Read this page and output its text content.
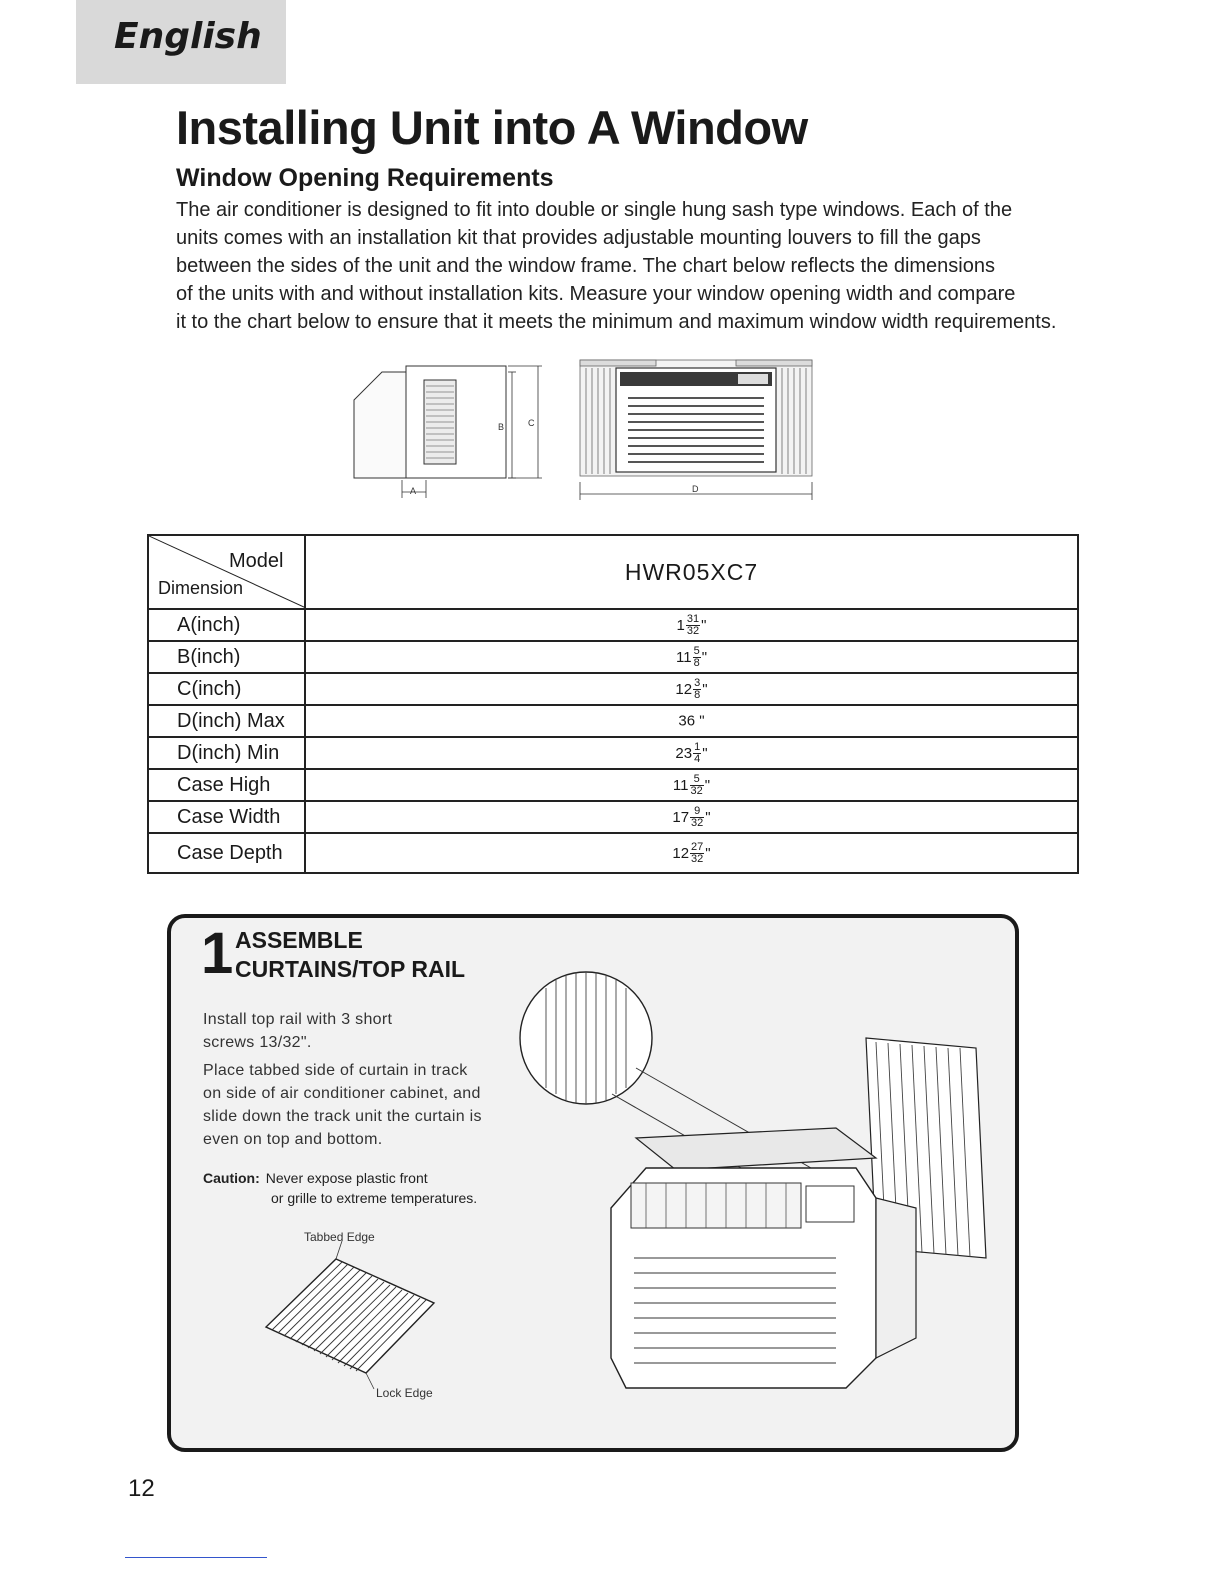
English
Installing Unit into A Window
Window Opening Requirements

The air conditioner is designed to fit into double or single hung sash type windows. Each of the
units comes with an installation kit that provides adjustable mounting louvers to fill the gaps
between the sides of the unit and the window frame. The chart below reflects the dimensions
of the units with and without installation kits. Measure your window opening width and compare
it to the chart below to ensure that it meets the minimum and maximum window width requirements.

B	C
A	D
Model
Dimension	HWR05XC7
A(inch)	$1 \frac{31}{32}$ "
B(inch)	$11 \frac{5}{8}$ "
C(inch)	$12 \frac{3}{8}$ "
D(inch) Max	36 "
D(inch) Min	$23 \frac{1}{4}$ "
Case High	$11 \frac{5}{32}$ "
Case Width	$17 \frac{9}{32}$ "
Case Depth	$12 \frac{27}{32}$ "
1 ASSEMBLE
CURTAINS/TOP RAIL

Install top rail with 3 short
screws 13/32".
Place tabbed side of curtain in track
on side of air conditioner cabinet, and
slide down the track unit the curtain is
even on top and bottom.

Caution: Never expose plastic front
or grille to extreme temperatures.
Tabbed Edge
Lock Edge
12
